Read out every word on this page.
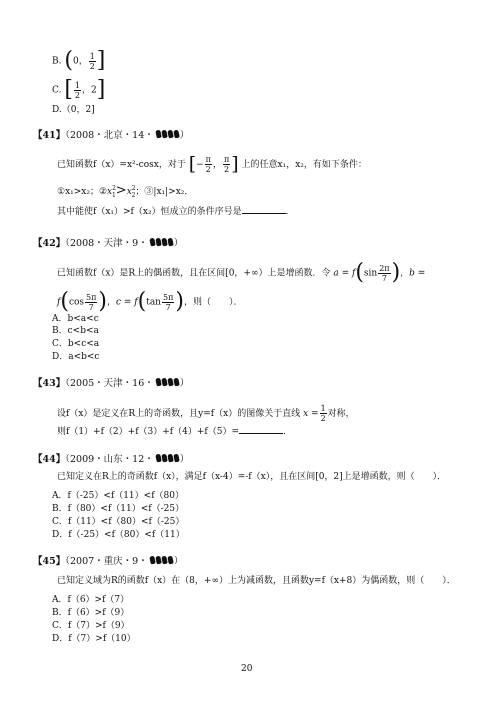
B. (0， $\frac{1}{2}$ ]
C. [ $\frac{1}{2}$ ，2]
D.（0，2]
【41】（2008・北京・14・	）
已知函数f（x）=x²-cosx，对于 [− $\frac{\pi}{2}$ ， $\frac{\pi}{2}$ ] 上的任意x₁，x₂，有如下条件：
①x₁>x₂；$②x^2_1>x^2_2$；③|x₁|>x₂．
其中能使f（x₁）>f（x₂）恒成立的条件序号是	．
【42】（2008・天津・9・	）
已知函数f（x）是R上的偶函数，且在区间[0，+∞）上是增函数．令 $a = f(\sin \frac{2\pi}{7}$ )，b =
$f(\cos \frac{5\pi}{7}$ )，$c = f(\tan \frac{5\pi}{7}$ )，则（　　）．
A．b<a<c
B．c<b<a
C．b<c<a
D．a<b<c
【43】（2005・天津・16・	）
设f（x）是定义在R上的奇函数，且y=f（x）的图像关于直线 $x = \frac{1}{2}$ 对称，
则f（1）+f（2）+f（3）+f（4）+f（5）=	．
【44】（2009・山东・12・	）
已知定义在R上的奇函数f（x），满足f（x-4）=-f（x），且在区间[0，2]上是增函数，则（　　）．
A．f（-25）<f（11）<f（80）
B．f（80）<f（11）<f（-25）
C．f（11）<f（80）<f（-25）
D．f（-25）<f（80）<f（11）
【45】（2007・重庆・9・	）
已知定义域为R的函数f（x）在（8，+∞）上为减函数，且函数y=f（x+8）为偶函数，则（　　）．
A．f（6）>f（7）
B．f（6）>f（9）
C．f（7）>f（9）
D．f（7）>f（10）
20
